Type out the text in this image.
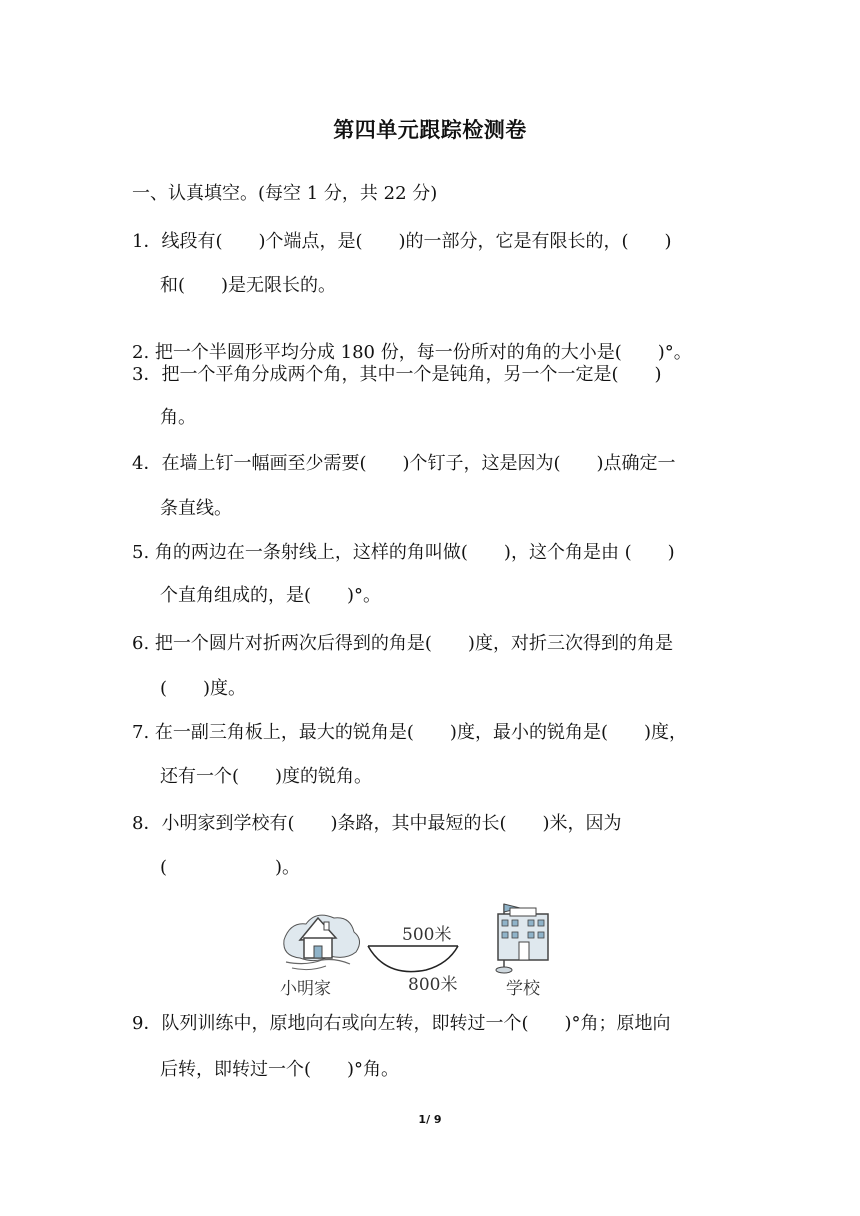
第四单元跟踪检测卷
一、认真填空。(每空 1 分，共 22 分)
1．线段有(　　)个端点，是(　　)的一部分，它是有限长的，(　　)
和(　　)是无限长的。
2. 把一个半圆形平均分成 180 份，每一份所对的角的大小是(　　)°。
3．把一个平角分成两个角，其中一个是钝角，另一个一定是(　　)
角。
4．在墙上钉一幅画至少需要(　　)个钉子，这是因为(　　)点确定一
条直线。
5. 角的两边在一条射线上，这样的角叫做(　　)，这个角是由 (　　)
个直角组成的，是(　　)°。
6. 把一个圆片对折两次后得到的角是(　　)度，对折三次得到的角是
(　　)度。
7. 在一副三角板上，最大的锐角是(　　)度，最小的锐角是(　　)度，
还有一个(　　)度的锐角。
8．小明家到学校有(　　)条路，其中最短的长(　　)米，因为
(　　　　　　)。
9．队列训练中，原地向右或向左转，即转过一个(　　)°角；原地向
后转，即转过一个(　　)°角。
500米
800米
小明家	学校
1/ 9
